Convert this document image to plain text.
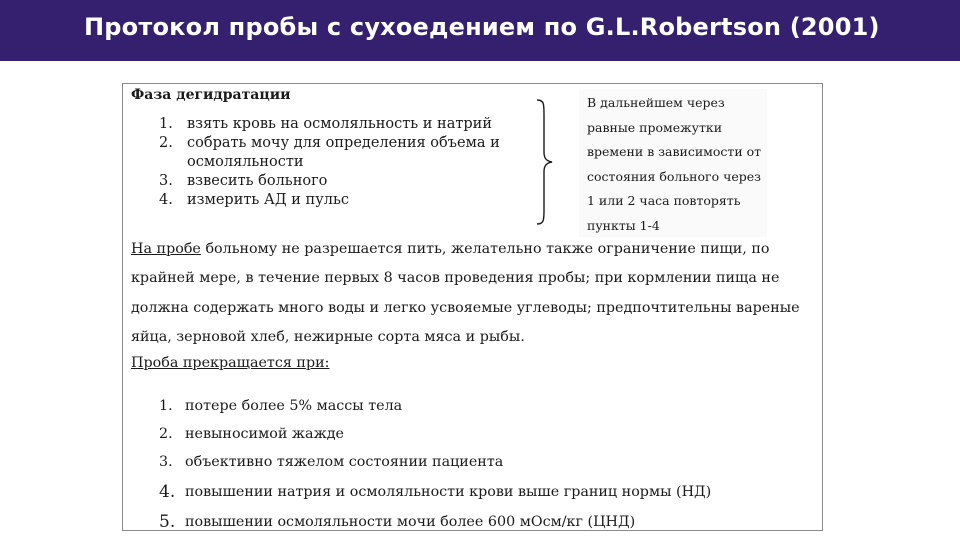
Протокол пробы с сухоедением по G.L.Robertson (2001)
Фаза дегидратации
1. взять кровь на осмоляльность и натрий
2. собрать мочу для определения объема и
осмоляльности
3. взвесить больного
4. измерить АД и пульс
В дальнейшем через
равные промежутки
времени в зависимости от
состояния больного через
1 или 2 часа повторять
пункты 1-4
На пробе больному не разрешается пить, желательно также ограничение пищи, по
крайней мере, в течение первых 8 часов проведения пробы; при кормлении пища не
должна содержать много воды и легко усвояемые углеводы; предпочтительны вареные
яйца, зерновой хлеб, нежирные сорта мяса и рыбы.
Проба прекращается при:
1. потере более 5% массы тела
2. невыносимой жажде
3. объективно тяжелом состоянии пациента
4. повышении натрия и осмоляльности крови выше границ нормы (НД)
5. повышении осмоляльности мочи более 600 мОсм/кг (ЦНД)
